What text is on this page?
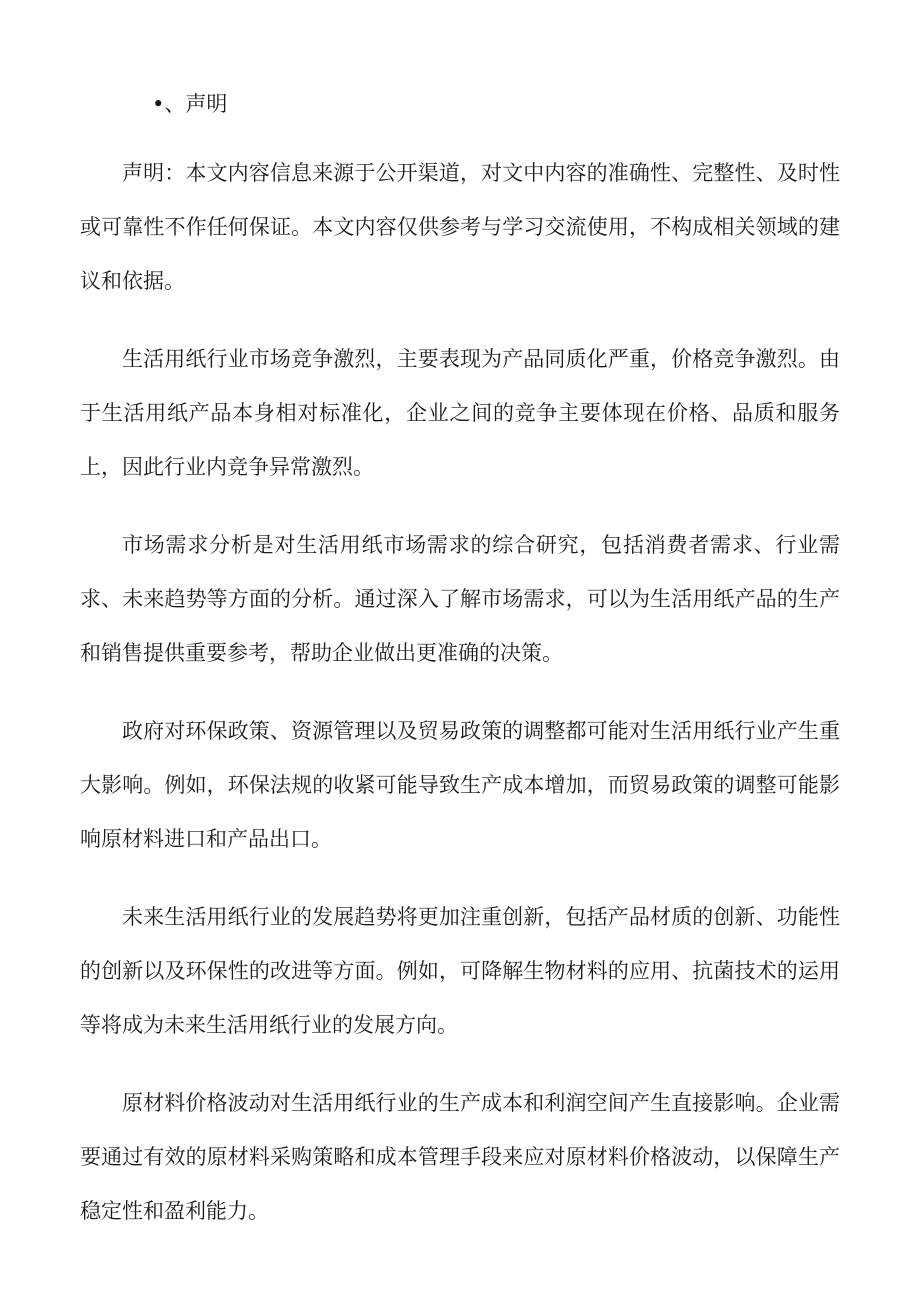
•、声明

声明：本文内容信息来源于公开渠道，对文中内容的准确性、完整性、及时性或可靠性不作任何保证。本文内容仅供参考与学习交流使用，不构成相关领域的建议和依据。

生活用纸行业市场竞争激烈，主要表现为产品同质化严重，价格竞争激烈。由于生活用纸产品本身相对标准化，企业之间的竞争主要体现在价格、品质和服务上，因此行业内竞争异常激烈。

市场需求分析是对生活用纸市场需求的综合研究，包括消费者需求、行业需求、未来趋势等方面的分析。通过深入了解市场需求，可以为生活用纸产品的生产和销售提供重要参考，帮助企业做出更准确的决策。

政府对环保政策、资源管理以及贸易政策的调整都可能对生活用纸行业产生重大影响。例如，环保法规的收紧可能导致生产成本增加，而贸易政策的调整可能影响原材料进口和产品出口。

未来生活用纸行业的发展趋势将更加注重创新，包括产品材质的创新、功能性的创新以及环保性的改进等方面。例如，可降解生物材料的应用、抗菌技术的运用等将成为未来生活用纸行业的发展方向。

原材料价格波动对生活用纸行业的生产成本和利润空间产生直接影响。企业需要通过有效的原材料采购策略和成本管理手段来应对原材料价格波动，以保障生产稳定性和盈利能力。
